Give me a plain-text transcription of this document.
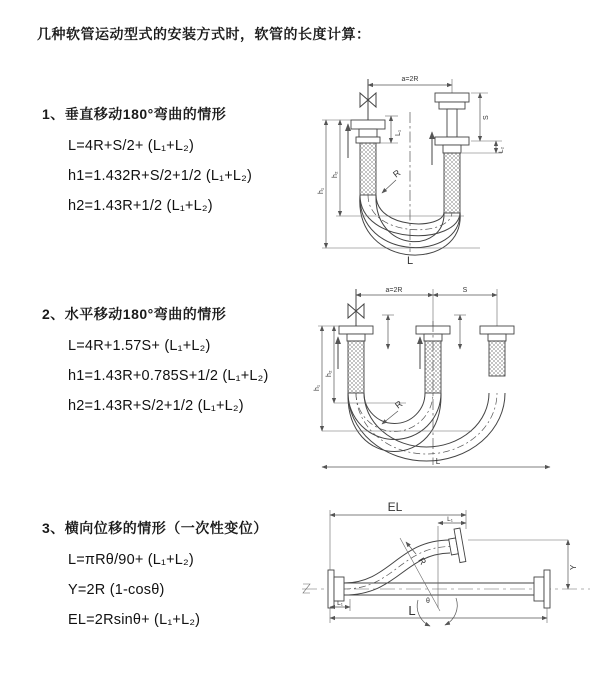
几种软管运动型式的安装方式时，软管的长度计算：
1、垂直移动180°弯曲的情形
L=4R+S/2+ (L₁+L₂)
h1=1.432R+S/2+1/2 (L₁+L₂)
h2=1.43R+1/2 (L₁+L₂)
2、水平移动180°弯曲的情形
L=4R+1.57S+ (L₁+L₂)
h1=1.43R+0.785S+1/2 (L₁+L₂)
h2=1.43R+S/2+1/2 (L₁+L₂)
3、横向位移的情形（一次性变位）
L=πRθ/90+ (L₁+L₂)
Y=2R (1-cosθ)
EL=2Rsinθ+ (L₁+L₂)
a=2R
L₁
S
L₂
R
h₁
h₂
L
a=2R	S
R
h₁
h₂
L
EL
L₁
Y
R
θ
L₁	L
